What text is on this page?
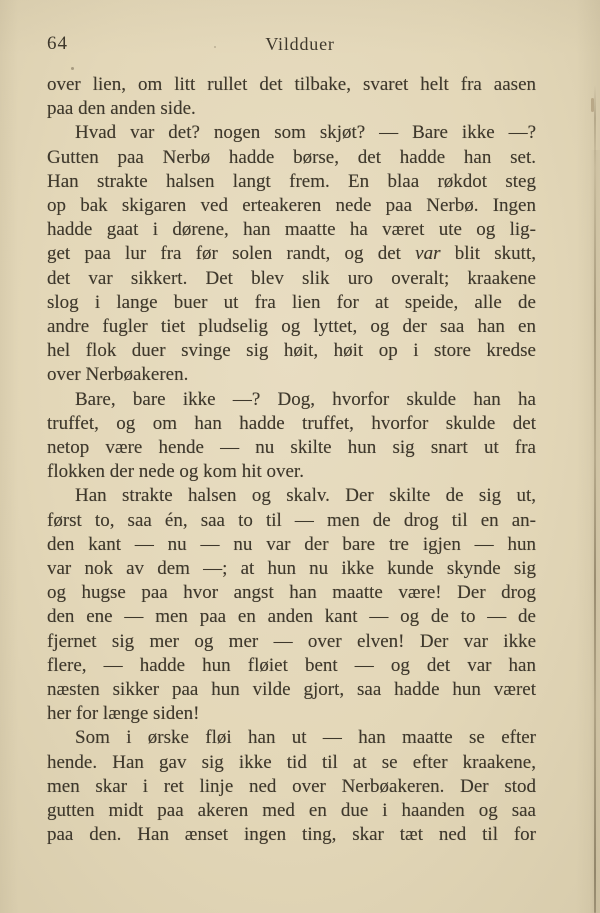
64	Vildduer
over lien, om litt rullet det tilbake, svaret helt fra aasen
paa den anden side.
Hvad var det? nogen som skjøt? — Bare ikke —?
Gutten paa Nerbø hadde børse, det hadde han set.
Han strakte halsen langt frem. En blaa røkdot steg
op bak skigaren ved erteakeren nede paa Nerbø. Ingen
hadde gaat i dørene, han maatte ha været ute og lig-
get paa lur fra før solen randt, og det var blit skutt,
det var sikkert. Det blev slik uro overalt; kraakene
slog i lange buer ut fra lien for at speide, alle de
andre fugler tiet pludselig og lyttet, og der saa han en
hel flok duer svinge sig høit, høit op i store kredse
over Nerbøakeren.
Bare, bare ikke —? Dog, hvorfor skulde han ha
truffet, og om han hadde truffet, hvorfor skulde det
netop være hende — nu skilte hun sig snart ut fra
flokken der nede og kom hit over.
Han strakte halsen og skalv. Der skilte de sig ut,
først to, saa én, saa to til — men de drog til en an-
den kant — nu — nu var der bare tre igjen — hun
var nok av dem —; at hun nu ikke kunde skynde sig
og hugse paa hvor angst han maatte være! Der drog
den ene — men paa en anden kant — og de to — de
fjernet sig mer og mer — over elven! Der var ikke
flere, — hadde hun fløiet bent — og det var han
næsten sikker paa hun vilde gjort, saa hadde hun været
her for længe siden!
Som i ørske fløi han ut — han maatte se efter
hende. Han gav sig ikke tid til at se efter kraakene,
men skar i ret linje ned over Nerbøakeren. Der stod
gutten midt paa akeren med en due i haanden og saa
paa den. Han ænset ingen ting, skar tæt ned til for
